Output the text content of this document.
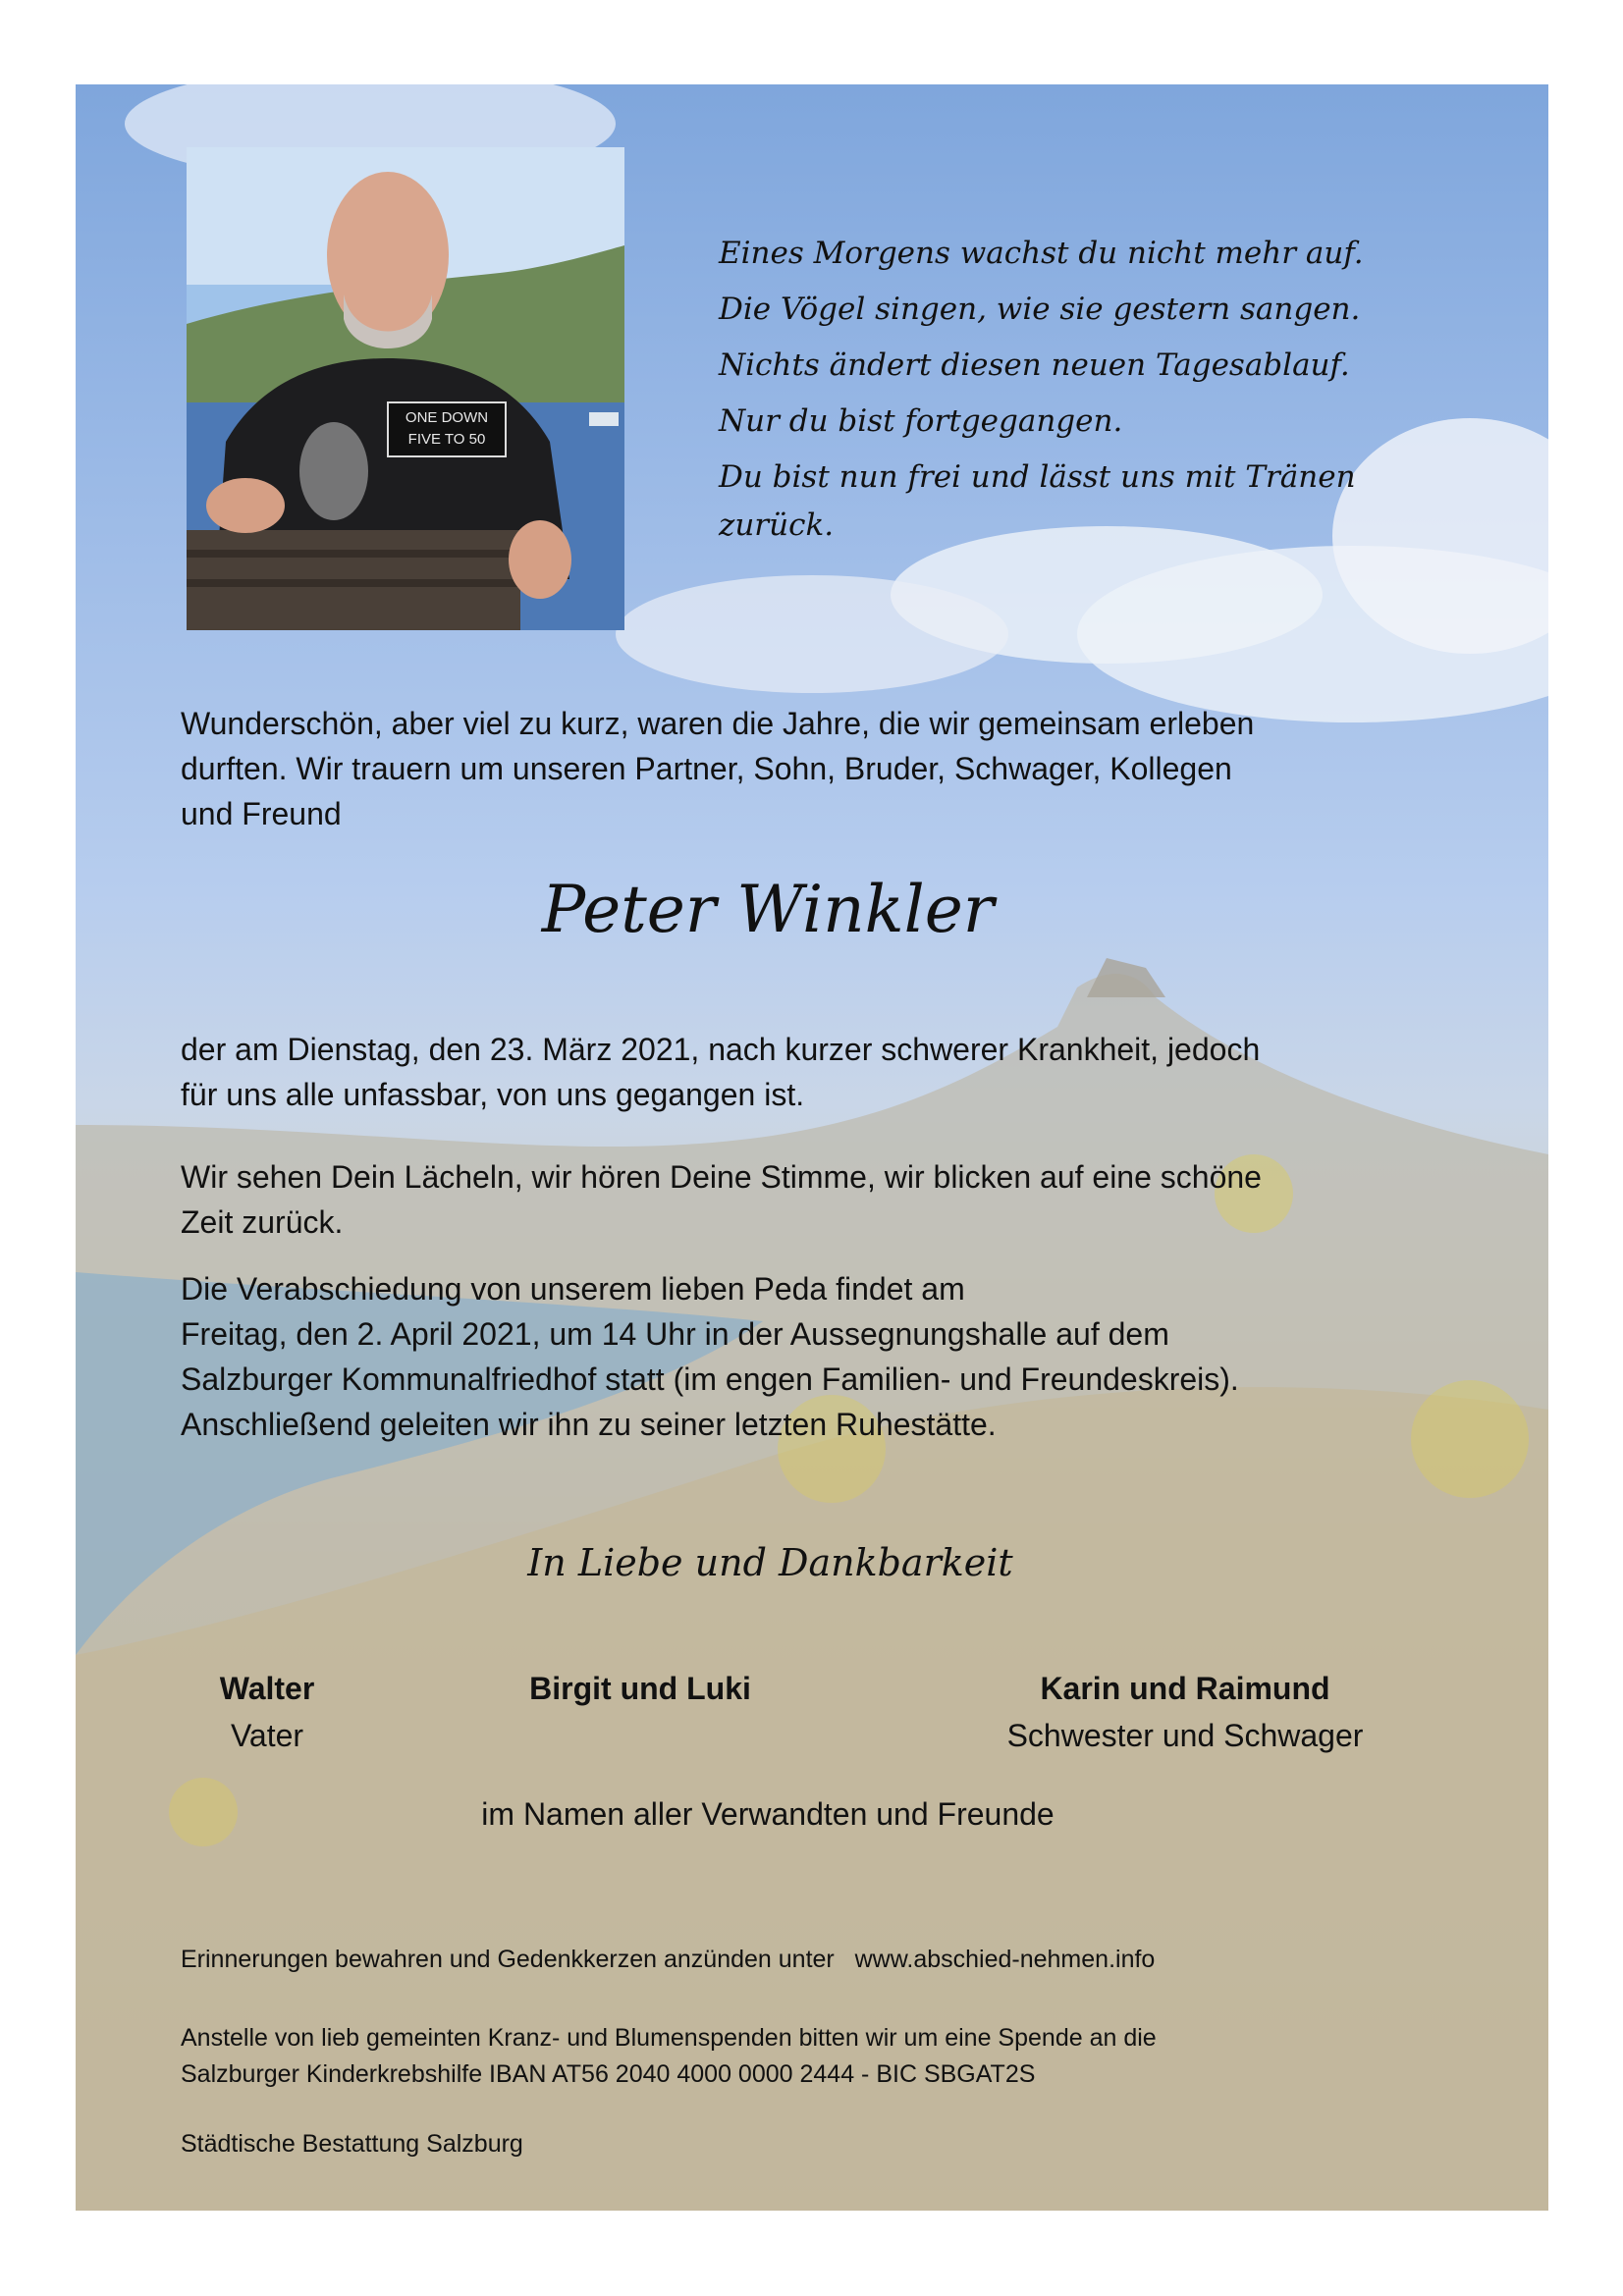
ONE DOWN
FIVE TO 50
Eines Morgens wachst du nicht mehr auf.
Die Vögel singen, wie sie gestern sangen.
Nichts ändert diesen neuen Tagesablauf.
Nur du bist fortgegangen.
Du bist nun frei und lässt uns mit Tränen
zurück.
Wunderschön, aber viel zu kurz, waren die Jahre, die wir gemeinsam erleben
durften. Wir trauern um unseren Partner, Sohn, Bruder, Schwager, Kollegen
und Freund
Peter Winkler
der am Dienstag, den 23. März 2021, nach kurzer schwerer Krankheit, jedoch
für uns alle unfassbar, von uns gegangen ist.
Wir sehen Dein Lächeln, wir hören Deine Stimme, wir blicken auf eine schöne
Zeit zurück.
Die Verabschiedung von unserem lieben Peda findet am
Freitag, den 2. April 2021, um 14 Uhr in der Aussegnungshalle auf dem
Salzburger Kommunalfriedhof statt (im engen Familien- und Freundeskreis).
Anschließend geleiten wir ihn zu seiner letzten Ruhestätte.
In Liebe und Dankbarkeit
Walter
Vater
Birgit und Luki	Karin und Raimund
Schwester und Schwager
im Namen aller Verwandten und Freunde
Erinnerungen bewahren und Gedenkkerzen anzünden unter   www.abschied-nehmen.info
Anstelle von lieb gemeinten Kranz- und Blumenspenden bitten wir um eine Spende an die
Salzburger Kinderkrebshilfe IBAN AT56 2040 4000 0000 2444 - BIC SBGAT2S
Städtische Bestattung Salzburg
